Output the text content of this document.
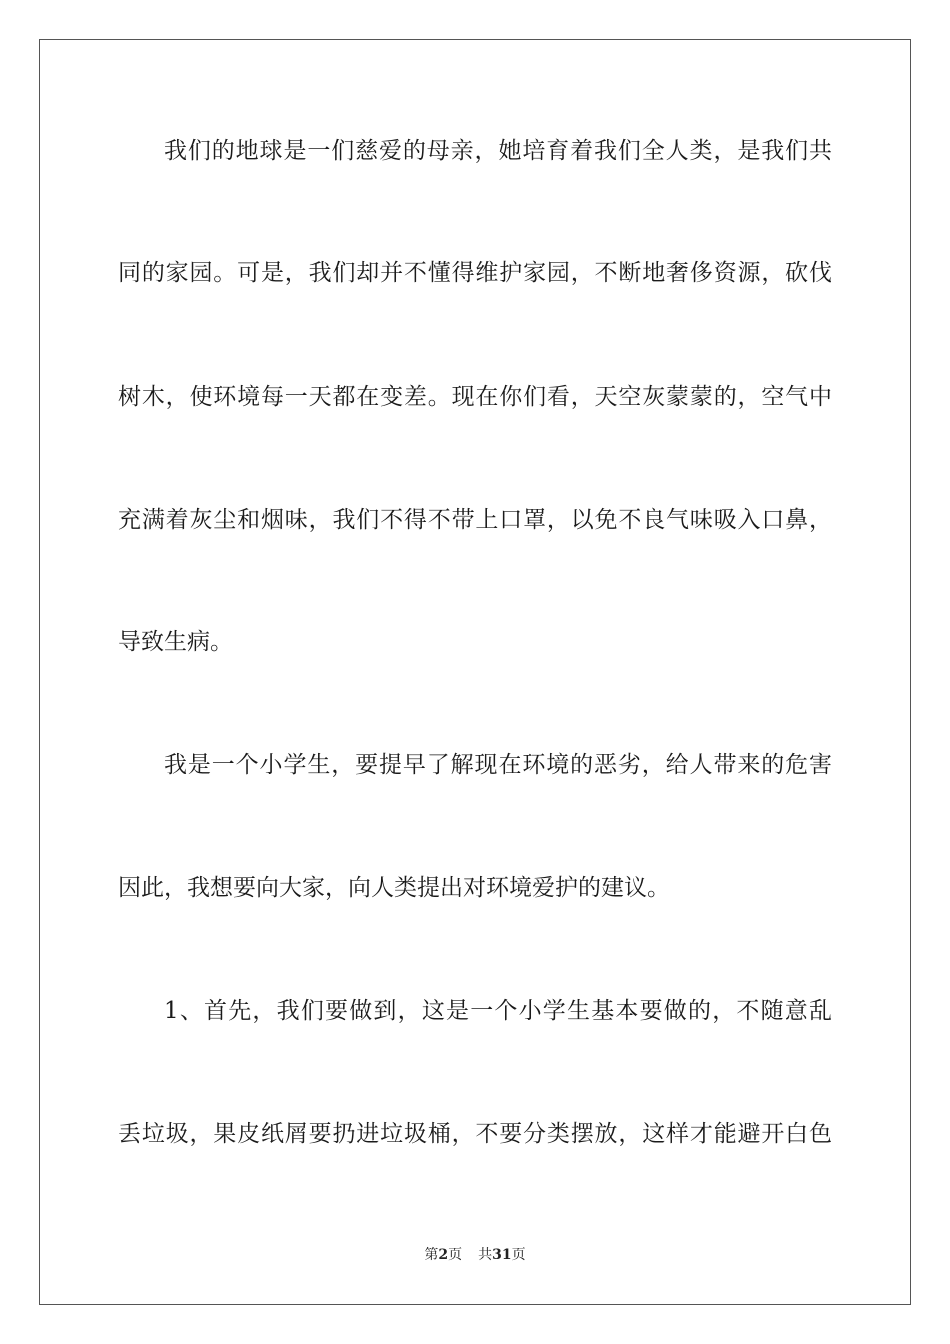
我们的地球是一们慈爱的母亲，她培育着我们全人类，是我们共
同的家园。可是，我们却并不懂得维护家园，不断地奢侈资源，砍伐
树木，使环境每一天都在变差。现在你们看，天空灰蒙蒙的，空气中
充满着灰尘和烟味，我们不得不带上口罩，以免不良气味吸入口鼻，
导致生病。
我是一个小学生，要提早了解现在环境的恶劣，给人带来的危害
因此，我想要向大家，向人类提出对环境爱护的建议。
1、首先，我们要做到，这是一个小学生基本要做的，不随意乱
丢垃圾，果皮纸屑要扔进垃圾桶，不要分类摆放，这样才能避开白色
第2页 共31页
